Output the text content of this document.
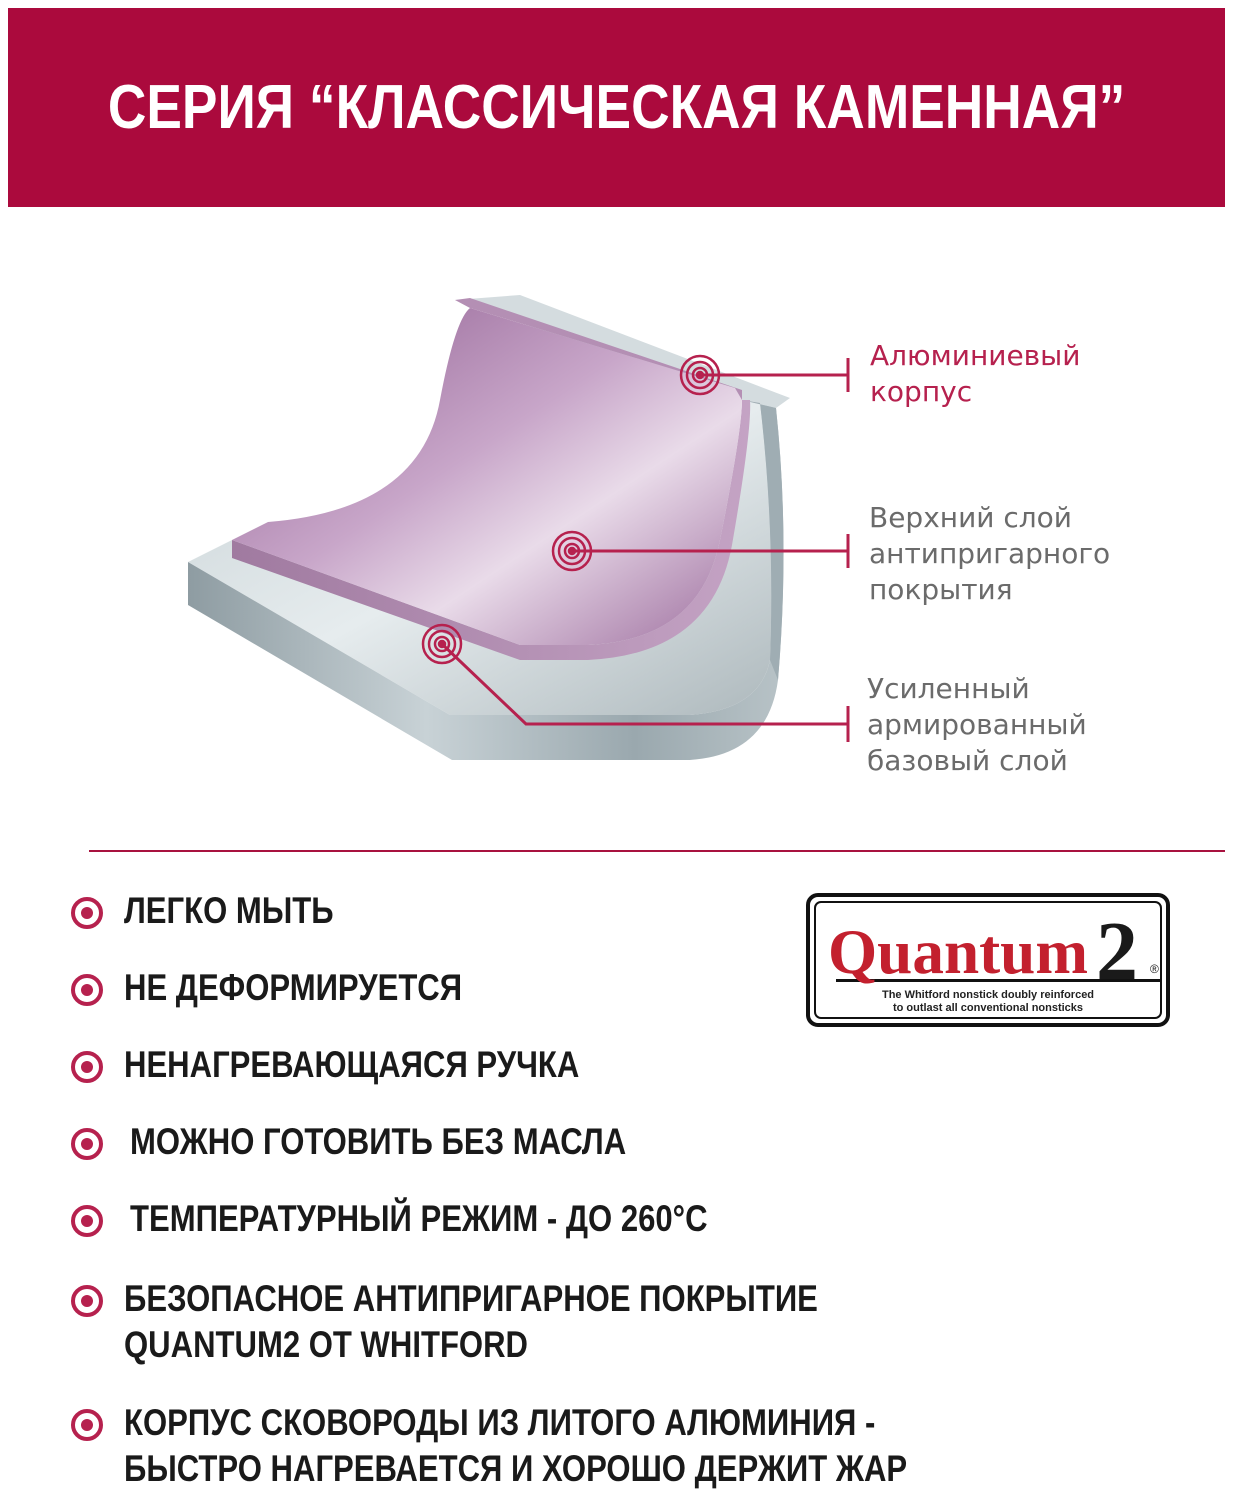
СЕРИЯ “КЛАССИЧЕСКАЯ КАМЕННАЯ”
Алюминиевый
корпус
Верхний слой
антипригарного
покрытия
Усиленный
армированный
базовый слой
ЛЕГКО МЫТЬ
НЕ ДЕФОРМИРУЕТСЯ
НЕНАГРЕВАЮЩАЯСЯ РУЧКА
МОЖНО ГОТОВИТЬ БЕЗ МАСЛА
ТЕМПЕРАТУРНЫЙ РЕЖИМ - ДО 260°С
БЕЗОПАСНОЕ АНТИПРИГАРНОЕ ПОКРЫТИЕ
QUANTUM2 ОТ WHITFORD
КОРПУС СКОВОРОДЫ ИЗ ЛИТОГО АЛЮМИНИЯ -
БЫСТРО НАГРЕВАЕТСЯ И ХОРОШО ДЕРЖИТ ЖАР
Quantum 2 ®
The Whitford nonstick doubly reinforced
to outlast all conventional nonsticks
